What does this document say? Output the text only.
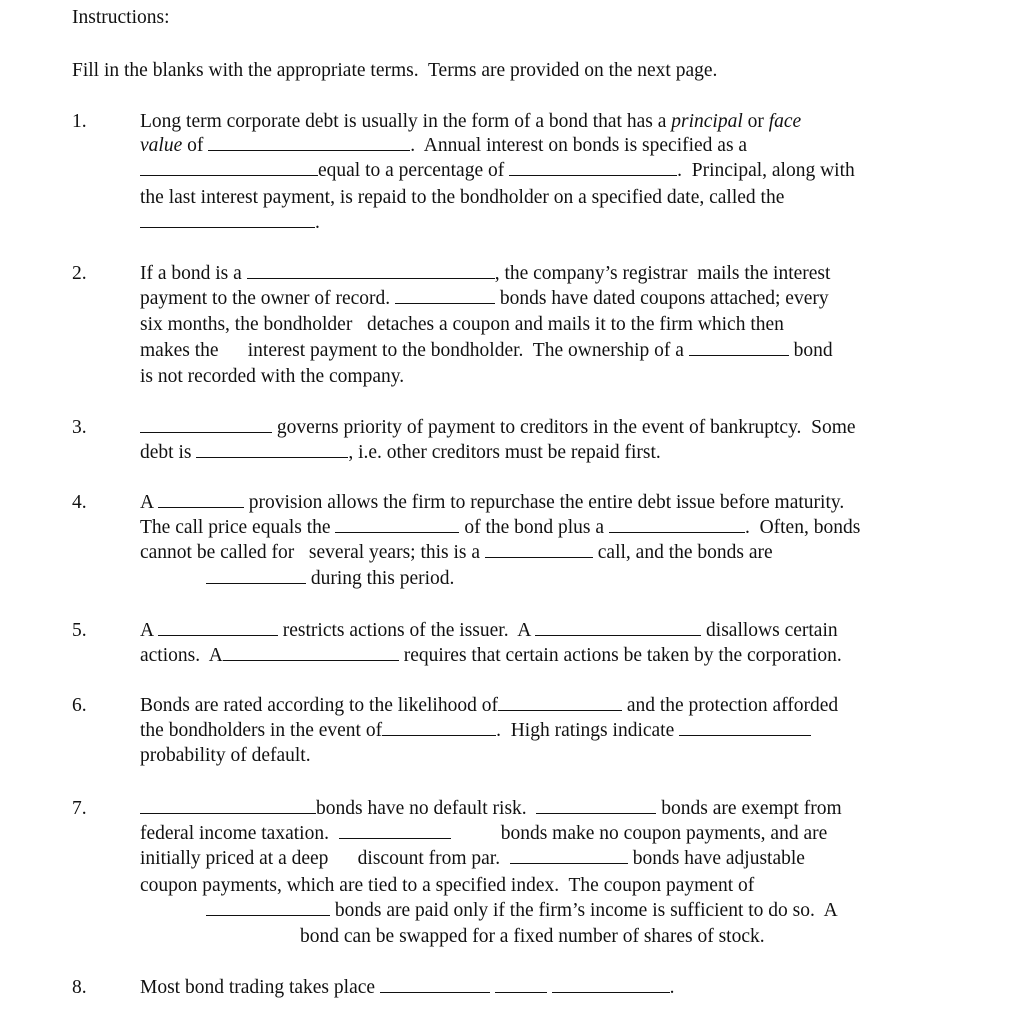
Instructions:
Fill in the blanks with the appropriate terms.  Terms are provided on the next page.
1.	Long term corporate debt is usually in the form of a bond that has a principal or face
value of	.  Annual interest on bonds is specified as a
equal to a percentage of	.  Principal, along with
the last interest payment, is repaid to the bondholder on a specified date, called the
.
2.	If a bond is a	, the company’s registrar  mails the interest
payment to the owner of record.	bonds have dated coupons attached; every
six months, the bondholder   detaches a coupon and mails it to the firm which then
makes the      interest payment to the bondholder.  The ownership of a	bond
is not recorded with the company.
3.	governs priority of payment to creditors in the event of bankruptcy.  Some
debt is	, i.e. other creditors must be repaid first.
4.	A	provision allows the firm to repurchase the entire debt issue before maturity.
The call price equals the	of the bond plus a	.  Often, bonds
cannot be called for   several years; this is a	call, and the bonds are
during this period.
5.	A	restricts actions of the issuer.  A	disallows certain
actions.  A	requires that certain actions be taken by the corporation.
6.	Bonds are rated according to the likelihood of	and the protection afforded
the bondholders in the event of	.  High ratings indicate
probability of default.
7.	bonds have no default risk.	bonds are exempt from
federal income taxation.	bonds make no coupon payments, and are
initially priced at a deep      discount from par.	bonds have adjustable
coupon payments, which are tied to a specified index.  The coupon payment of
bonds are paid only if the firm’s income is sufficient to do so.  A
bond can be swapped for a fixed number of shares of stock.
8.	Most bond trading takes place	.
